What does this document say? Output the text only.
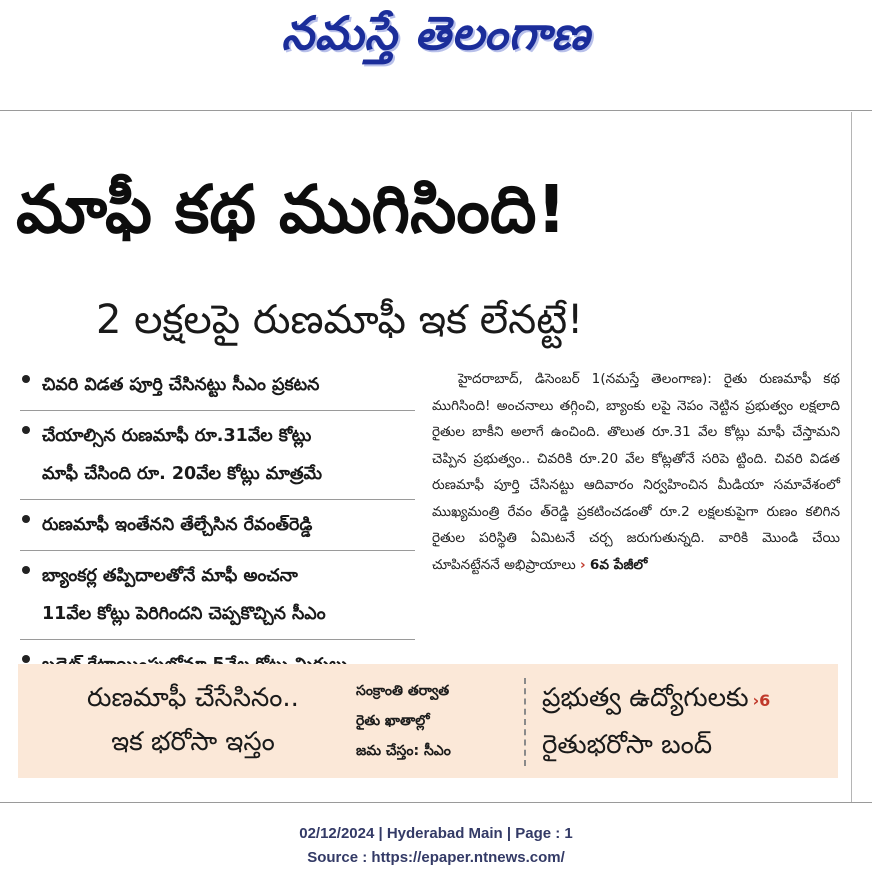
నమస్తే తెలంగాణ
మాఫీ కథ ముగిసింది!
2 లక్షలపై రుణమాఫీ ఇక లేనట్టే!
చివరి విడత పూర్తి చేసినట్టు సీఎం ప్రకటన
చేయాల్సిన రుణమాఫీ రూ.31వేల కోట్లు
మాఫీ చేసింది రూ. 20వేల కోట్లు మాత్రమే
రుణమాఫీ ఇంతేనని తేల్చేసిన రేవంత్‌రెడ్డి
బ్యాంకర్ల తప్పిదాలతోనే మాఫీ అంచనా
11వేల కోట్లు పెరిగిందని చెప్పకొచ్చిన సీఎం
హైదరాబాద్, డిసెంబర్ 1(నమస్తే తెలంగాణ): రైతు రుణమాఫీ కథ ముగిసింది! అంచనాలు తగ్గించి, బ్యాంకు లపై నెపం నెట్టిన ప్రభుత్వం లక్షలాది రైతుల బాకీని అలాగే ఉంచింది. తొలుత రూ.31 వేల కోట్లు మాఫీ చేస్తామని చెప్పిన ప్రభుత్వం.. చివరికి రూ.20 వేల కోట్లతోనే సరిపె ట్టింది. చివరి విడత రుణమాఫీ పూర్తి చేసినట్టు ఆదివారం నిర్వహించిన మీడియా సమావేశంలో ముఖ్యమంత్రి రేవం త్‌రెడ్డి ప్రకటించడంతో రూ.2 లక్షలకుపైగా రుణం కలిగిన రైతుల పరిస్థితి ఏమిటనే చర్చ జరుగుతున్నది. వారికి మొండి చేయి చూపినట్టేననే అభిప్రాయాలు › 6వ పేజీలో
రుణమాఫీ చేసేసినం..
ఇక భరోసా ఇస్తం
సంక్రాంతి తర్వాత
రైతు ఖాతాల్లో
జమ చేస్తం: సీఎం
ప్రభుత్వ ఉద్యోగులకు ›6
రైతుభరోసా బంద్
02/12/2024 | Hyderabad Main | Page : 1
Source : https://epaper.ntnews.com/
